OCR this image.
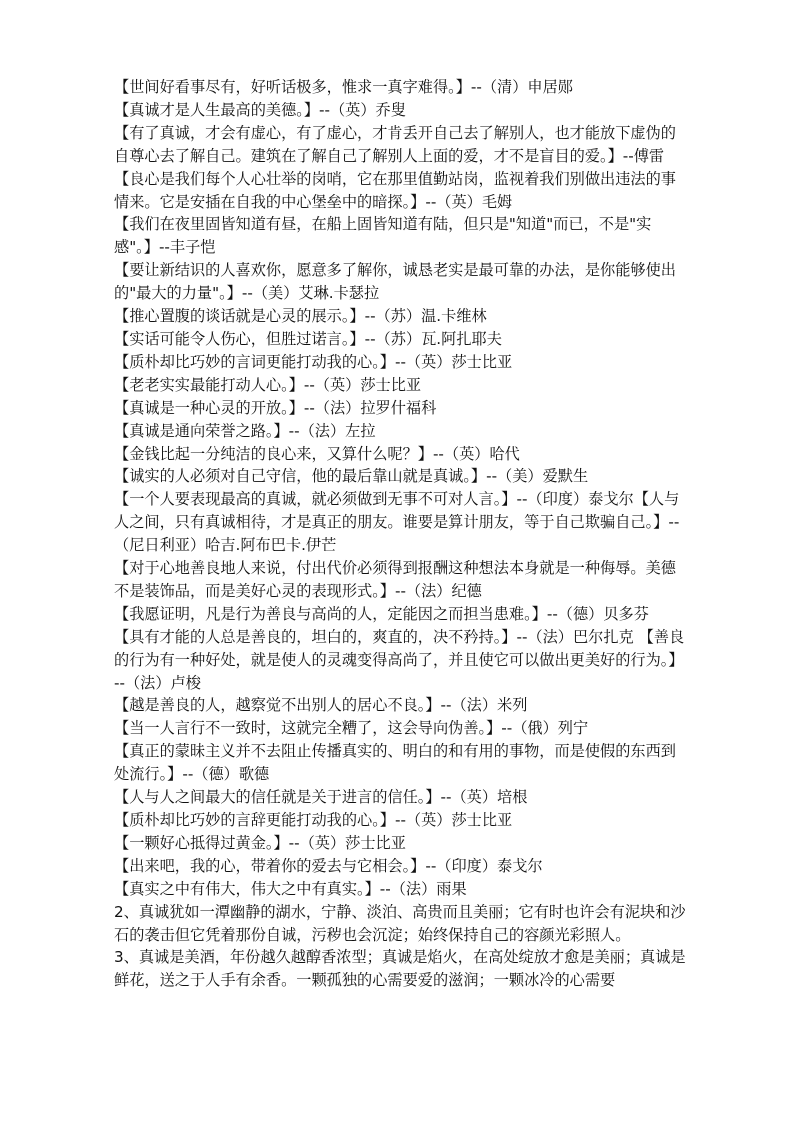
【世间好看事尽有，好听话极多，惟求一真字难得。】--（清）申居郧

【真诚才是人生最高的美德。】--（英）乔叟

【有了真诚，才会有虚心，有了虚心，才肯丢开自己去了解别人，也才能放下虚伪的自尊心去了解自己。建筑在了解自己了解别人上面的爱，才不是盲目的爱。】--傅雷

【良心是我们每个人心壮举的岗哨，它在那里值勤站岗，监视着我们别做出违法的事情来。它是安插在自我的中心堡垒中的暗探。】--（英）毛姆

【我们在夜里固皆知道有昼，在船上固皆知道有陆，但只是"知道"而已，不是"实感"。】--丰子恺

【要让新结识的人喜欢你，愿意多了解你，诚恳老实是最可靠的办法，是你能够使出的"最大的力量"。】--（美）艾琳.卡瑟拉

【推心置腹的谈话就是心灵的展示。】--（苏）温.卡维林

【实话可能令人伤心，但胜过诺言。】--（苏）瓦.阿扎耶夫

【质朴却比巧妙的言词更能打动我的心。】--（英）莎士比亚

【老老实实最能打动人心。】--（英）莎士比亚

【真诚是一种心灵的开放。】--（法）拉罗什福科

【真诚是通向荣誉之路。】--（法）左拉

【金钱比起一分纯洁的良心来，又算什么呢？】--（英）哈代

【诚实的人必须对自己守信，他的最后靠山就是真诚。】--（美）爱默生

【一个人要表现最高的真诚，就必须做到无事不可对人言。】--（印度）泰戈尔【人与人之间，只有真诚相待，才是真正的朋友。谁要是算计朋友，等于自己欺骗自己。】--（尼日利亚）哈吉.阿布巴卡.伊芒

【对于心地善良地人来说，付出代价必须得到报酬这种想法本身就是一种侮辱。美德不是装饰品，而是美好心灵的表现形式。】--（法）纪德

【我愿证明，凡是行为善良与高尚的人，定能因之而担当患难。】--（德）贝多芬

【具有才能的人总是善良的，坦白的，爽直的，决不矜持。】--（法）巴尔扎克 【善良的行为有一种好处，就是使人的灵魂变得高尚了，并且使它可以做出更美好的行为。】--（法）卢梭

【越是善良的人，越察觉不出别人的居心不良。】--（法）米列

【当一人言行不一致时，这就完全糟了，这会导向伪善。】--（俄）列宁

【真正的蒙昧主义并不去阻止传播真实的、明白的和有用的事物，而是使假的东西到处流行。】--（德）歌德

【人与人之间最大的信任就是关于进言的信任。】--（英）培根

【质朴却比巧妙的言辞更能打动我的心。】--（英）莎士比亚

【一颗好心抵得过黄金。】--（英）莎士比亚

【出来吧，我的心，带着你的爱去与它相会。】--（印度）泰戈尔

【真实之中有伟大，伟大之中有真实。】--（法）雨果

2、真诚犹如一潭幽静的湖水，宁静、淡泊、高贵而且美丽；它有时也许会有泥块和沙石的袭击但它凭着那份自诚，污秽也会沉淀；始终保持自己的容颜光彩照人。

3、真诚是美酒，年份越久越醇香浓型；真诚是焰火，在高处绽放才愈是美丽；真诚是鲜花，送之于人手有余香。一颗孤独的心需要爱的滋润；一颗冰冷的心需要
